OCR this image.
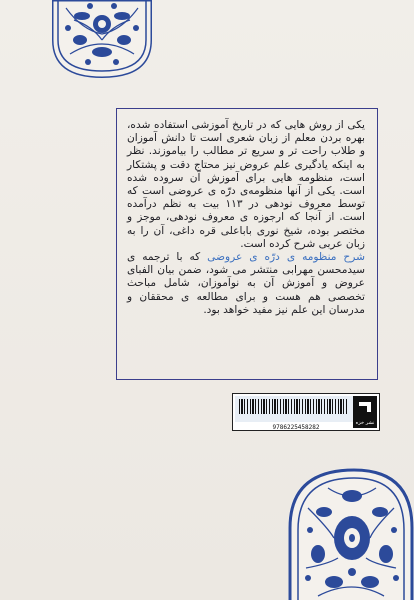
یکی از روش هایی که در تاریخ آموزشی استفاده شده، بهره بردن معلم از زبان شعری است تا دانش آموزان و طلاب راحت تر و سریع تر مطالب را بیاموزند. نظر به اینکه یادگیری علم عروض نیز محتاج دقت و پشتکار است، منظومه هایی برای آموزش آن سروده شده است. یکی از آنها منظومه‌ی درّه ی عروضی است که توسط معروف نودهی در ۱۱۳ بیت به نظم درآمده است. از آنجا که ارجوزه ی معروف نودهی، موجز و مختصر بوده، شیخ نوری باباعلی قره داغی، آن را به زبان عربی شرح کرده است.

شرح منظومه ی درّه ی عروضی که با ترجمه ی سیدمحسن مهرابی منتشر می شود، ضمن بیان الفبای عروض و آموزش آن به نوآموزان، شامل مباحث تخصصی هم هست و برای مطالعه ی محققان و مدرسان این علم نیز مفید خواهد بود.

9786225458282
نشر خزه
